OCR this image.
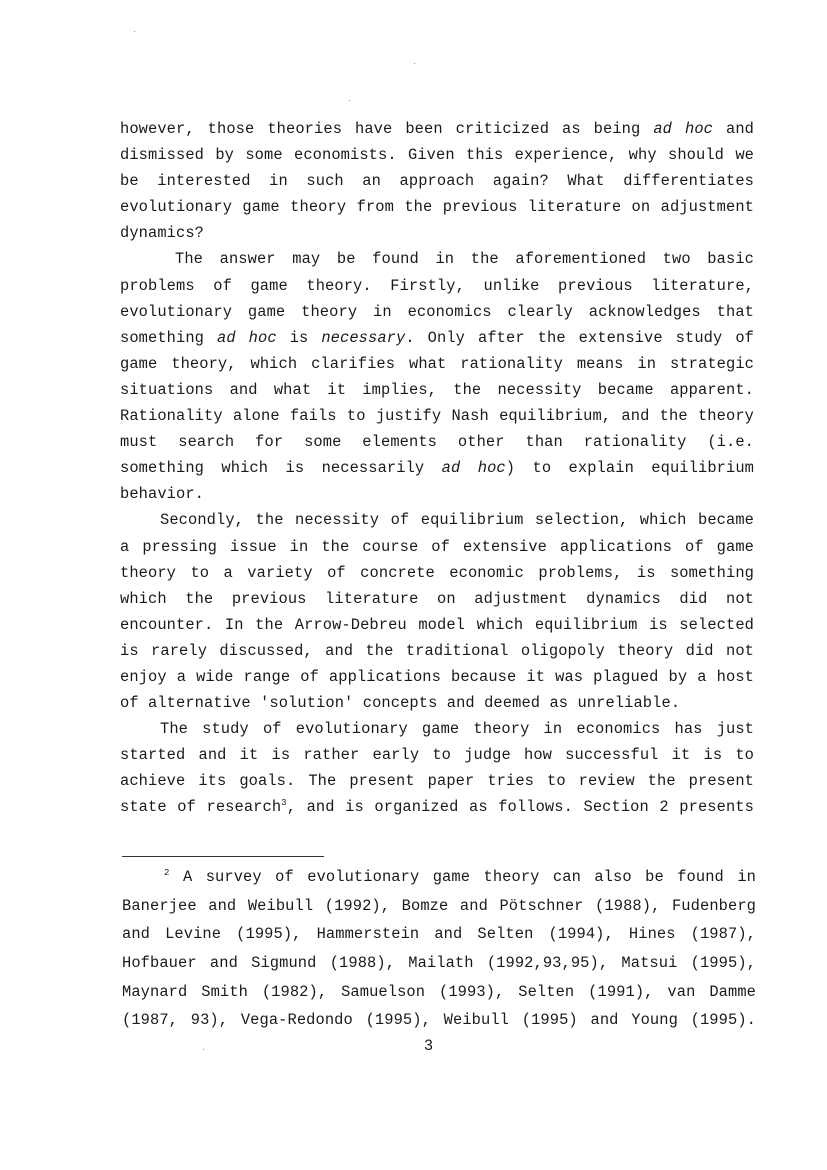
however, those theories have been criticized as being ad hoc and
dismissed by some economists. Given this experience, why should we
be interested in such an approach again? What differentiates
evolutionary game theory from the previous literature on adjustment
dynamics?
The answer may be found in the aforementioned two basic
problems of game theory. Firstly, unlike previous literature,
evolutionary game theory in economics clearly acknowledges that
something ad hoc is necessary. Only after the extensive study of
game theory, which clarifies what rationality means in strategic
situations and what it implies, the necessity became apparent.
Rationality alone fails to justify Nash equilibrium, and the theory
must search for some elements other than rationality (i.e.
something which is necessarily ad hoc) to explain equilibrium
behavior.
Secondly, the necessity of equilibrium selection, which became
a pressing issue in the course of extensive applications of game
theory to a variety of concrete economic problems, is something
which the previous literature on adjustment dynamics did not
encounter. In the Arrow-Debreu model which equilibrium is selected
is rarely discussed, and the traditional oligopoly theory did not
enjoy a wide range of applications because it was plagued by a host
of alternative 'solution' concepts and deemed as unreliable.
The study of evolutionary game theory in economics has just
started and it is rather early to judge how successful it is to
achieve its goals. The present paper tries to review the present
state of research$^3$, and is organized as follows. Section 2 presents
$^2$ A survey of evolutionary game theory can also be found in
Banerjee and Weibull (1992), Bomze and Pötschner (1988), Fudenberg
and Levine (1995), Hammerstein and Selten (1994), Hines (1987),
Hofbauer and Sigmund (1988), Mailath (1992,93,95), Matsui (1995),
Maynard Smith (1982), Samuelson (1993), Selten (1991), van Damme
(1987, 93), Vega-Redondo (1995), Weibull (1995) and Young (1995).
3
